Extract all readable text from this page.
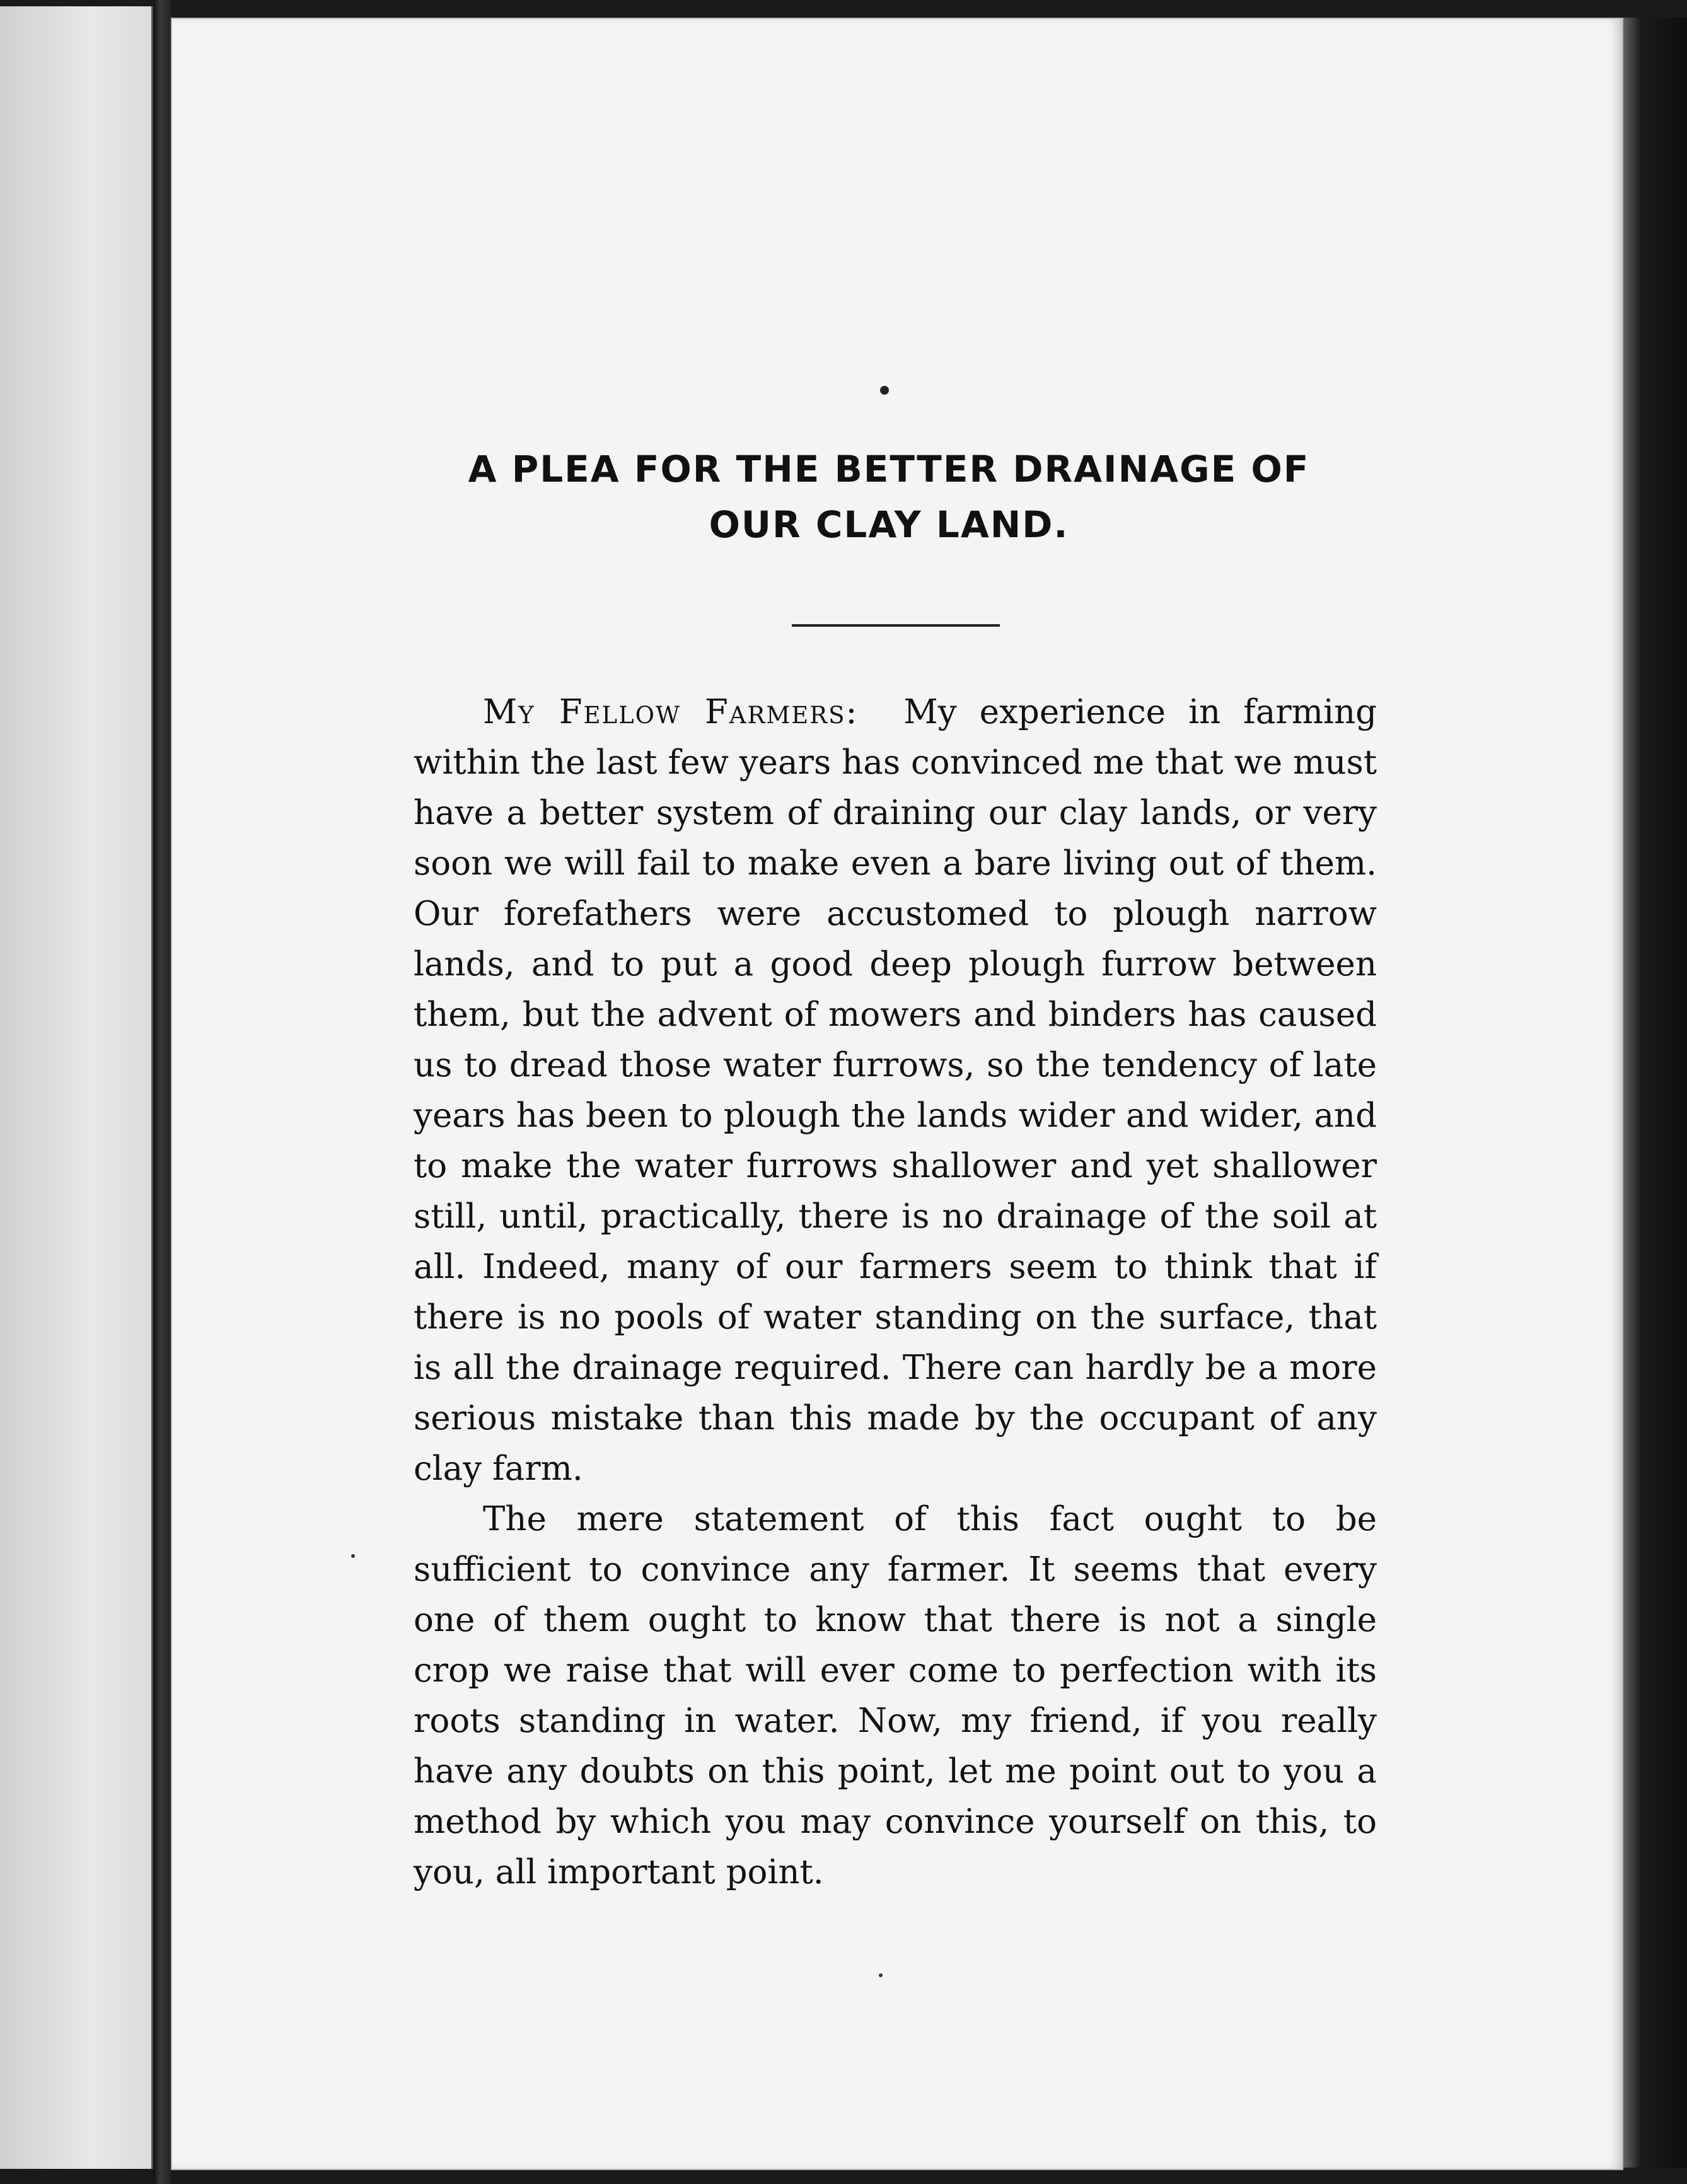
A PLEA FOR THE BETTER DRAINAGE OF
OUR CLAY LAND.

My Fellow Farmers: My experience in farming within the last few years has convinced me that we must have a better system of draining our clay lands, or very soon we will fail to make even a bare living out of them. Our forefathers were accustomed to plough narrow lands, and to put a good deep plough furrow between them, but the advent of mowers and binders has caused us to dread those water furrows, so the tendency of late years has been to plough the lands wider and wider, and to make the water furrows shallower and yet shallower still, until, practically, there is no drainage of the soil at all. Indeed, many of our farmers seem to think that if there is no pools of water standing on the surface, that is all the drainage required. There can hardly be a more serious mistake than this made by the occupant of any clay farm.

The mere statement of this fact ought to be sufficient to convince any farmer. It seems that every one of them ought to know that there is not a single crop we raise that will ever come to perfection with its roots standing in water. Now, my friend, if you really have any doubts on this point, let me point out to you a method by which you may convince yourself on this, to you, all important point.
